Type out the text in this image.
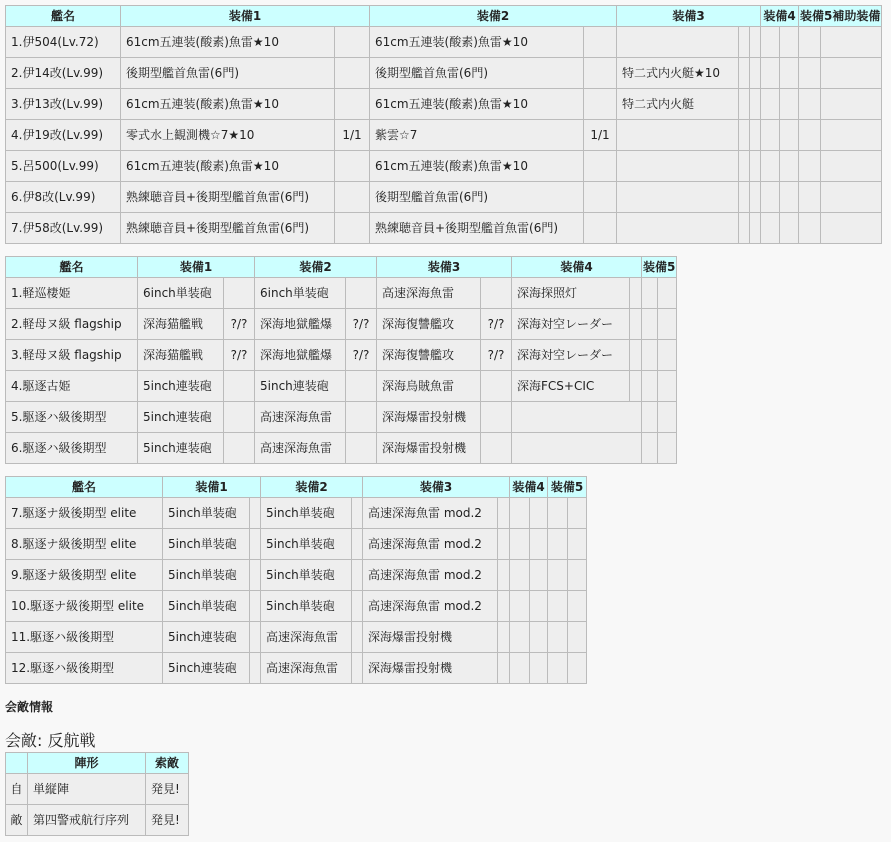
艦名	装備1		装備2		装備3			装備4		装備5補助装備	
1.伊504(Lv.72)	61cm五連装(酸素)魚雷★10		61cm五連装(酸素)魚雷★10								
2.伊14改(Lv.99)	後期型艦首魚雷(6門)		後期型艦首魚雷(6門)		特二式内火艇★10						
3.伊13改(Lv.99)	61cm五連装(酸素)魚雷★10		61cm五連装(酸素)魚雷★10		特二式内火艇						
4.伊19改(Lv.99)	零式水上観測機☆7★10	1/1	紫雲☆7	1/1							
5.呂500(Lv.99)	61cm五連装(酸素)魚雷★10		61cm五連装(酸素)魚雷★10								
6.伊8改(Lv.99)	熟練聴音員+後期型艦首魚雷(6門)		後期型艦首魚雷(6門)								
7.伊58改(Lv.99)	熟練聴音員+後期型艦首魚雷(6門)		熟練聴音員+後期型艦首魚雷(6門)								
艦名	装備1		装備2		装備3		装備4		装備5	
1.軽巡棲姫	6inch単装砲		6inch単装砲		高速深海魚雷		深海探照灯			
2.軽母ヌ級 flagship	深海猫艦戦	?/?	深海地獄艦爆	?/?	深海復讐艦攻	?/?	深海対空レーダー			
3.軽母ヌ級 flagship	深海猫艦戦	?/?	深海地獄艦爆	?/?	深海復讐艦攻	?/?	深海対空レーダー			
4.駆逐古姫	5inch連装砲		5inch連装砲		深海烏賊魚雷		深海FCS+CIC			
5.駆逐ハ級後期型	5inch連装砲		高速深海魚雷		深海爆雷投射機					
6.駆逐ハ級後期型	5inch連装砲		高速深海魚雷		深海爆雷投射機					
艦名	装備1		装備2		装備3		装備4		装備5	
7.駆逐ナ級後期型 elite	5inch単装砲		5inch単装砲		高速深海魚雷 mod.2					
8.駆逐ナ級後期型 elite	5inch単装砲		5inch単装砲		高速深海魚雷 mod.2					
9.駆逐ナ級後期型 elite	5inch単装砲		5inch単装砲		高速深海魚雷 mod.2					
10.駆逐ナ級後期型 elite	5inch単装砲		5inch単装砲		高速深海魚雷 mod.2					
11.駆逐ハ級後期型	5inch連装砲		高速深海魚雷		深海爆雷投射機					
12.駆逐ハ級後期型	5inch連装砲		高速深海魚雷		深海爆雷投射機					

会敵情報

会敵: 反航戦

	陣形	索敵
自	単縦陣	発見!
敵	第四警戒航行序列	発見!
